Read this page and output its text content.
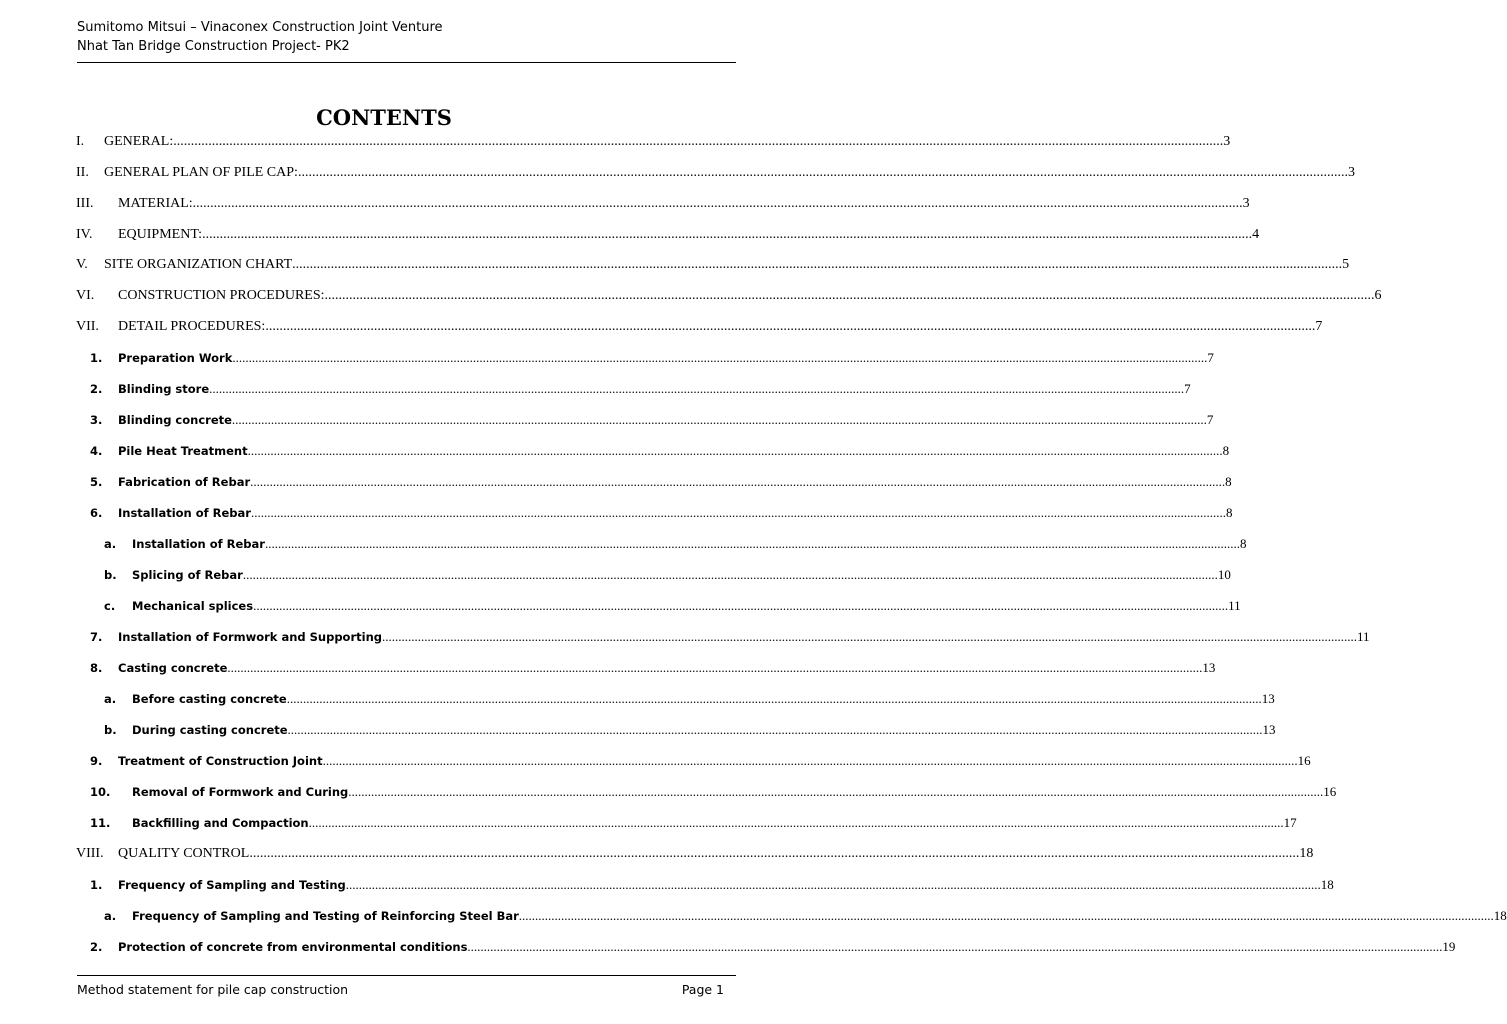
Sumitomo Mitsui – Vinaconex Construction Joint Venture
Nhat Tan Bridge Construction Project- PK2
CONTENTS
I.	GENERAL: ............................................................................................................................................................................................................................................................................................................ 3
II.	GENERAL PLAN OF PILE CAP: ............................................................................................................................................................................................................................................................................................................ 3
III.	MATERIAL: ............................................................................................................................................................................................................................................................................................................ 3
IV.	EQUIPMENT: ............................................................................................................................................................................................................................................................................................................ 4
V.	SITE ORGANIZATION CHART ............................................................................................................................................................................................................................................................................................................ 5
VI.	CONSTRUCTION PROCEDURES: ............................................................................................................................................................................................................................................................................................................ 6
VII.	DETAIL PROCEDURES: ............................................................................................................................................................................................................................................................................................................ 7
1.	Preparation Work ............................................................................................................................................................................................................................................................................................................ 7
2.	Blinding store ............................................................................................................................................................................................................................................................................................................ 7
3.	Blinding concrete ............................................................................................................................................................................................................................................................................................................ 7
4.	Pile Heat Treatment ............................................................................................................................................................................................................................................................................................................ 8
5.	Fabrication of Rebar ............................................................................................................................................................................................................................................................................................................ 8
6.	Installation of Rebar ............................................................................................................................................................................................................................................................................................................ 8
a.	Installation of Rebar ............................................................................................................................................................................................................................................................................................................ 8
b.	Splicing of Rebar ............................................................................................................................................................................................................................................................................................................ 10
c.	Mechanical splices ............................................................................................................................................................................................................................................................................................................ 11
7.	Installation of Formwork and Supporting ............................................................................................................................................................................................................................................................................................................ 11
8.	Casting concrete ............................................................................................................................................................................................................................................................................................................ 13
a.	Before casting concrete ............................................................................................................................................................................................................................................................................................................ 13
b.	During casting concrete ............................................................................................................................................................................................................................................................................................................ 13
9.	Treatment of Construction Joint ............................................................................................................................................................................................................................................................................................................ 16
10.	Removal of Formwork and Curing ............................................................................................................................................................................................................................................................................................................ 16
11.	Backfilling and Compaction ............................................................................................................................................................................................................................................................................................................ 17
VIII.	QUALITY CONTROL ............................................................................................................................................................................................................................................................................................................ 18
1.	Frequency of Sampling and Testing ............................................................................................................................................................................................................................................................................................................ 18
a.	Frequency of Sampling and Testing of Reinforcing Steel Bar ............................................................................................................................................................................................................................................................................................................ 18
2.	Protection of concrete from environmental conditions ............................................................................................................................................................................................................................................................................................................ 19
Method statement for pile cap construction	Page 1
